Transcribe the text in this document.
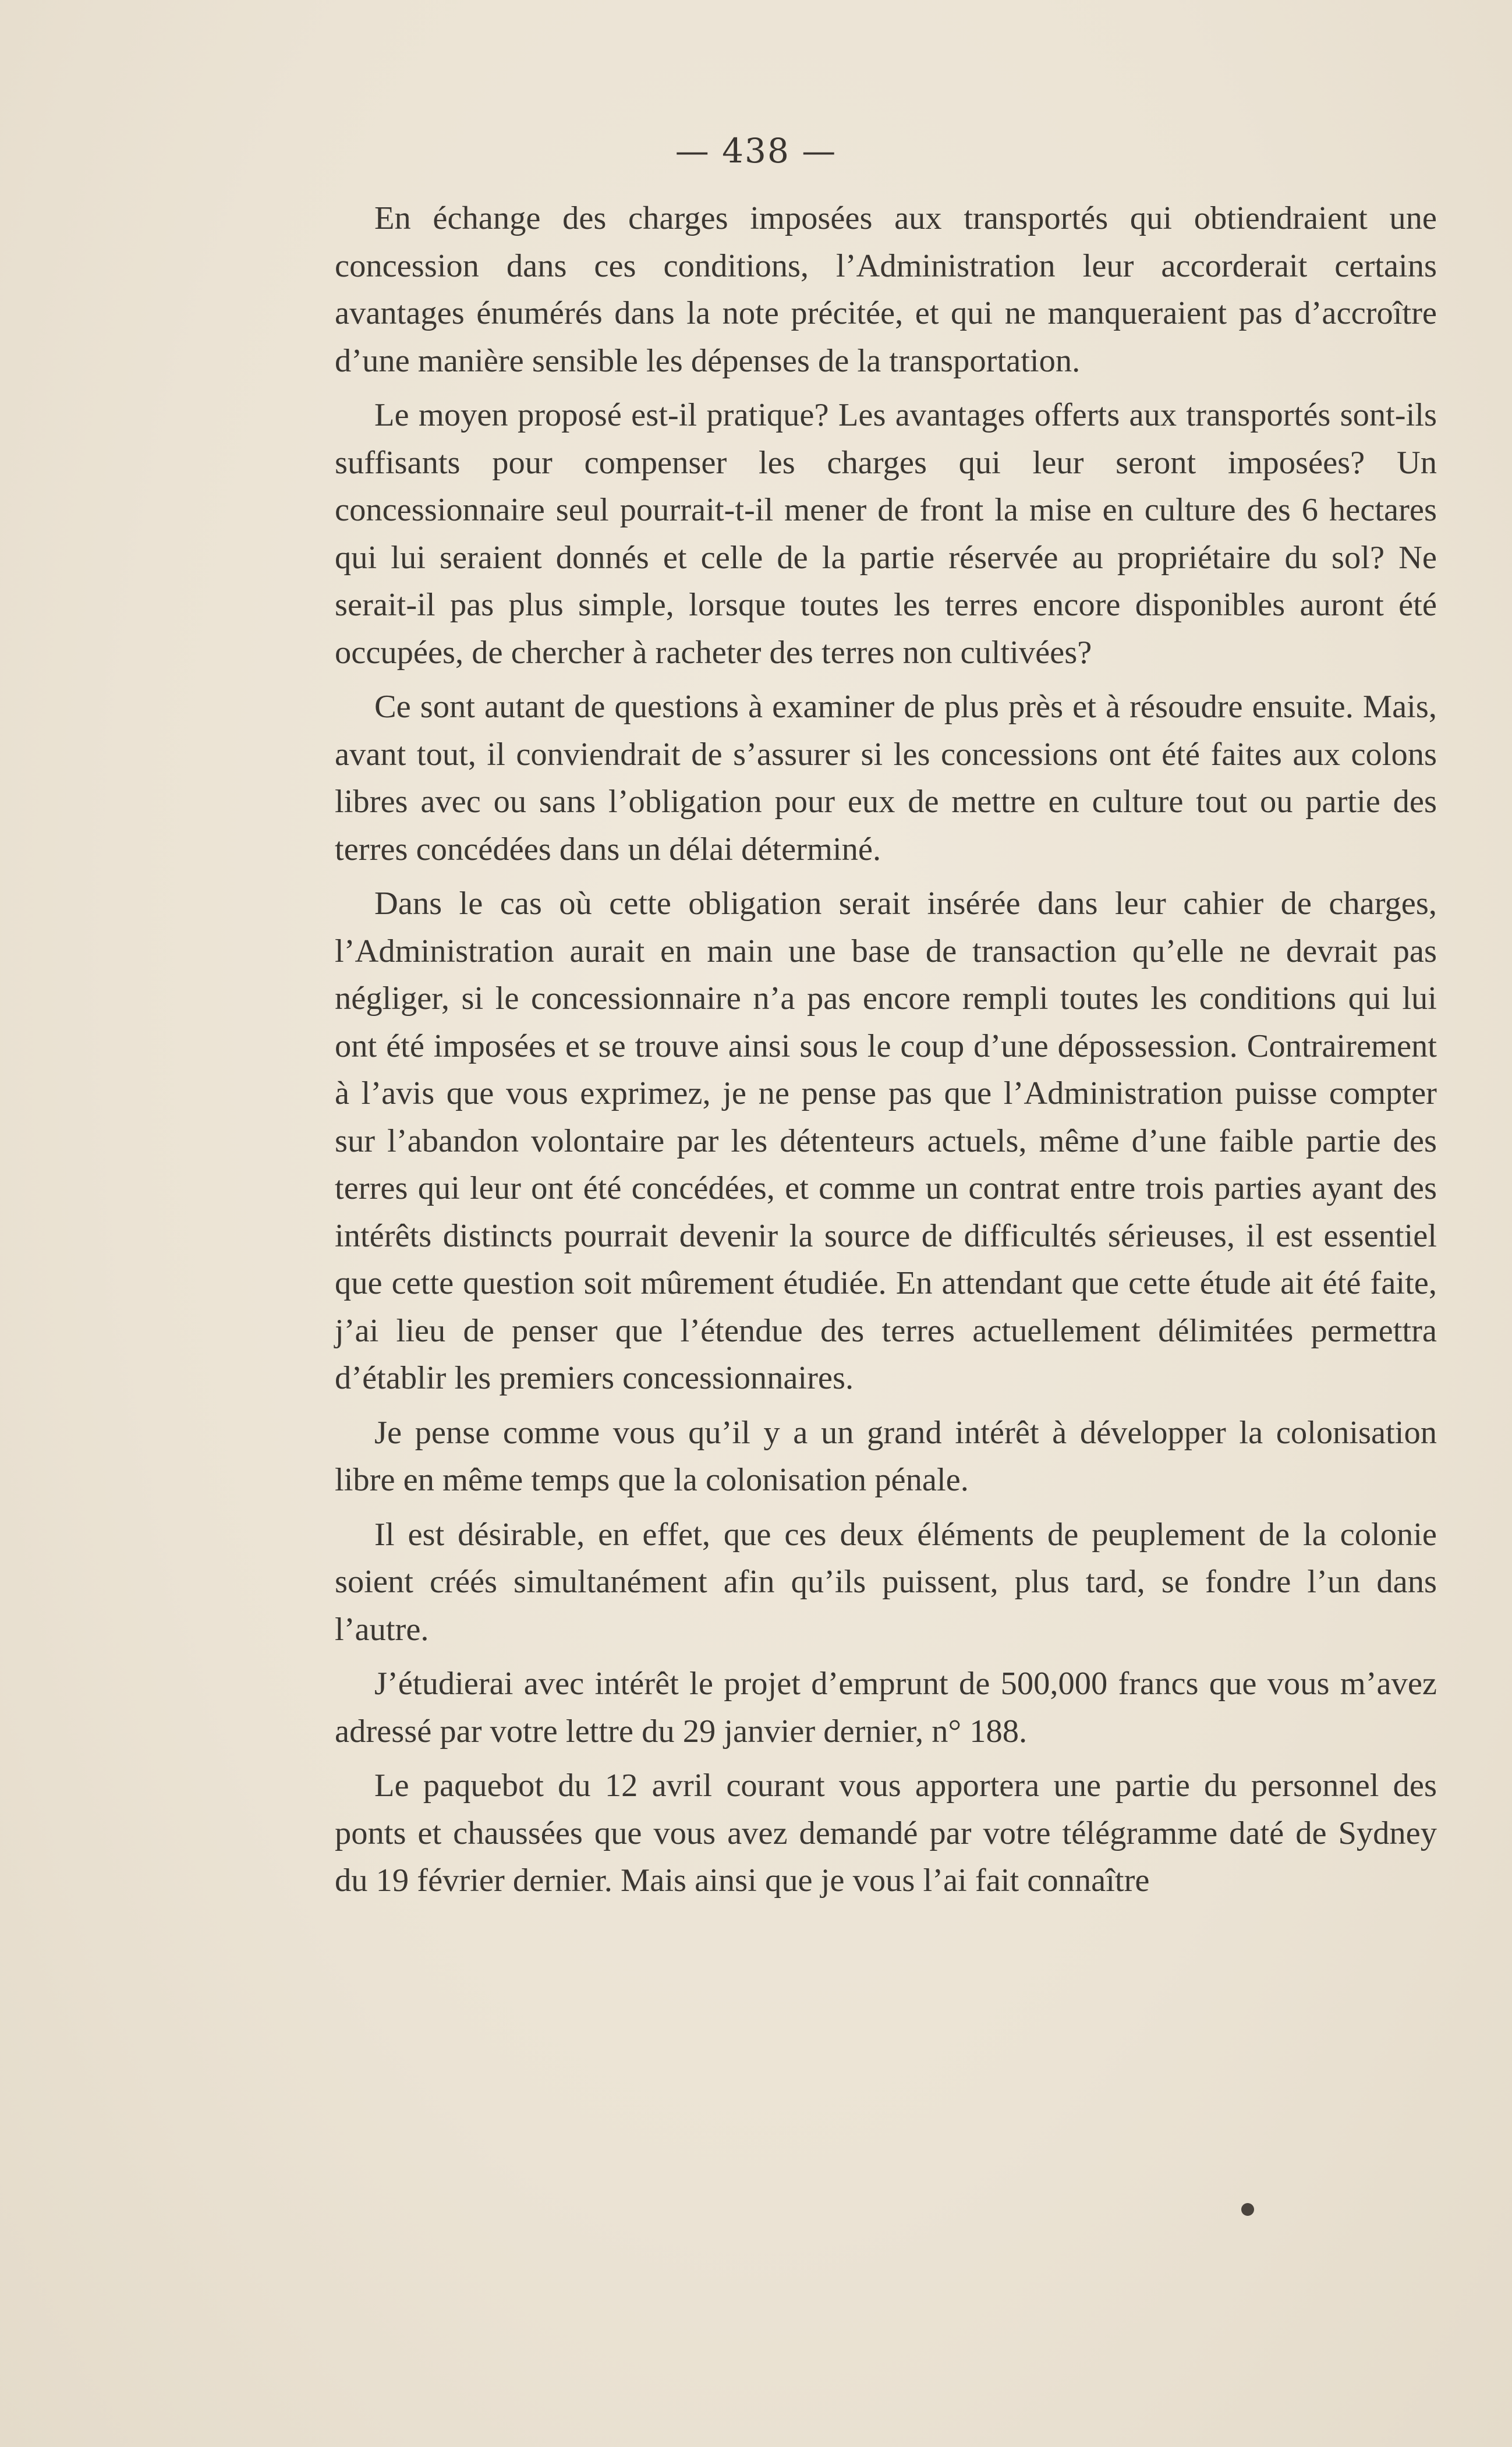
— 438 —

En échange des charges imposées aux transportés qui obtiendraient une concession dans ces conditions, l’Administration leur accorderait certains avantages énumérés dans la note précitée, et qui ne manqueraient pas d’accroître d’une manière sensible les dépenses de la transportation.

Le moyen proposé est-il pratique? Les avantages offerts aux transportés sont-ils suffisants pour compenser les charges qui leur seront imposées? Un concessionnaire seul pourrait-t-il mener de front la mise en culture des 6 hectares qui lui seraient donnés et celle de la partie réservée au propriétaire du sol? Ne serait-il pas plus simple, lorsque toutes les terres encore disponibles auront été occupées, de chercher à racheter des terres non cultivées?

Ce sont autant de questions à examiner de plus près et à résoudre ensuite. Mais, avant tout, il conviendrait de s’assurer si les concessions ont été faites aux colons libres avec ou sans l’obligation pour eux de mettre en culture tout ou partie des terres concédées dans un délai déterminé.

Dans le cas où cette obligation serait insérée dans leur cahier de charges, l’Administration aurait en main une base de transaction qu’elle ne devrait pas négliger, si le concessionnaire n’a pas encore rempli toutes les conditions qui lui ont été imposées et se trouve ainsi sous le coup d’une dépossession. Contrairement à l’avis que vous exprimez, je ne pense pas que l’Administration puisse compter sur l’abandon volontaire par les détenteurs actuels, même d’une faible partie des terres qui leur ont été concédées, et comme un contrat entre trois parties ayant des intérêts distincts pourrait devenir la source de difficultés sérieuses, il est essentiel que cette question soit mûrement étudiée. En attendant que cette étude ait été faite, j’ai lieu de penser que l’étendue des terres actuellement délimitées permettra d’établir les premiers concessionnaires.

Je pense comme vous qu’il y a un grand intérêt à développer la colonisation libre en même temps que la colonisation pénale.

Il est désirable, en effet, que ces deux éléments de peuplement de la colonie soient créés simultanément afin qu’ils puissent, plus tard, se fondre l’un dans l’autre.

J’étudierai avec intérêt le projet d’emprunt de 500,000 francs que vous m’avez adressé par votre lettre du 29 janvier dernier, n° 188.

Le paquebot du 12 avril courant vous apportera une partie du personnel des ponts et chaussées que vous avez demandé par votre télégramme daté de Sydney du 19 février dernier. Mais ainsi que je vous l’ai fait connaître
